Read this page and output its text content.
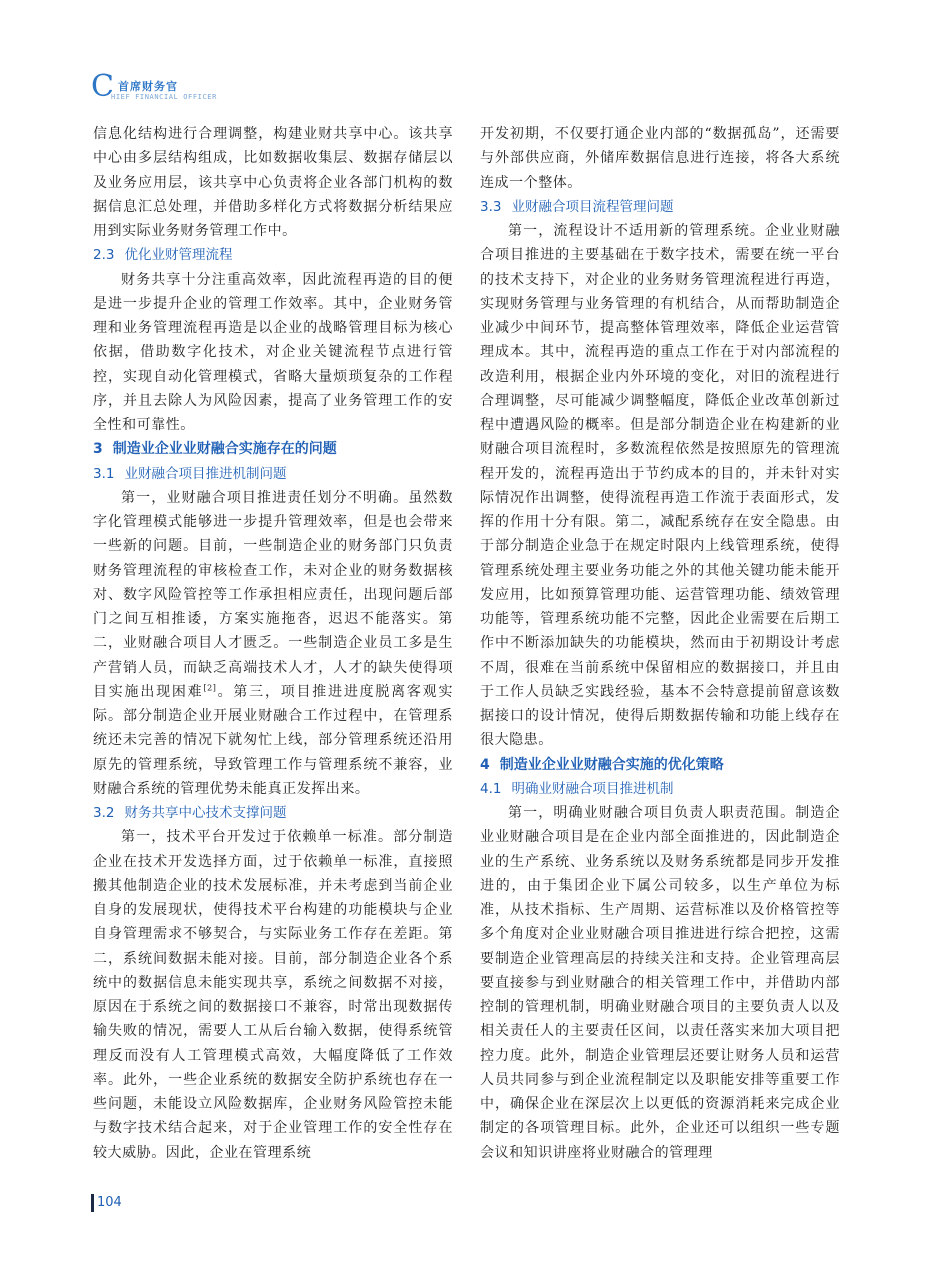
C 首席财务官
HIEF FINANCIAL OFFICER

信息化结构进行合理调整，构建业财共享中心。该共享中心由多层结构组成，比如数据收集层、数据存储层以及业务应用层，该共享中心负责将企业各部门机构的数据信息汇总处理，并借助多样化方式将数据分析结果应用到实际业务财务管理工作中。

2.3 优化业财管理流程

财务共享十分注重高效率，因此流程再造的目的便是进一步提升企业的管理工作效率。其中，企业财务管理和业务管理流程再造是以企业的战略管理目标为核心依据，借助数字化技术，对企业关键流程节点进行管控，实现自动化管理模式，省略大量烦琐复杂的工作程序，并且去除人为风险因素，提高了业务管理工作的安全性和可靠性。

3 制造业企业业财融合实施存在的问题
3.1 业财融合项目推进机制问题

第一，业财融合项目推进责任划分不明确。虽然数字化管理模式能够进一步提升管理效率，但是也会带来一些新的问题。目前，一些制造企业的财务部门只负责财务管理流程的审核检查工作，未对企业的财务数据核对、数字风险管控等工作承担相应责任，出现问题后部门之间互相推诿，方案实施拖沓，迟迟不能落实。第二，业财融合项目人才匮乏。一些制造企业员工多是生产营销人员，而缺乏高端技术人才，人才的缺失使得项目实施出现困难[2]。第三，项目推进进度脱离客观实际。部分制造企业开展业财融合工作过程中，在管理系统还未完善的情况下就匆忙上线，部分管理系统还沿用原先的管理系统，导致管理工作与管理系统不兼容，业财融合系统的管理优势未能真正发挥出来。

3.2 财务共享中心技术支撑问题

第一，技术平台开发过于依赖单一标准。部分制造企业在技术开发选择方面，过于依赖单一标准，直接照搬其他制造企业的技术发展标准，并未考虑到当前企业自身的发展现状，使得技术平台构建的功能模块与企业自身管理需求不够契合，与实际业务工作存在差距。第二，系统间数据未能对接。目前，部分制造企业各个系统中的数据信息未能实现共享，系统之间数据不对接，原因在于系统之间的数据接口不兼容，时常出现数据传输失败的情况，需要人工从后台输入数据，使得系统管理反而没有人工管理模式高效，大幅度降低了工作效率。此外，一些企业系统的数据安全防护系统也存在一些问题，未能设立风险数据库，企业财务风险管控未能与数字技术结合起来，对于企业管理工作的安全性存在较大威胁。因此，企业在管理系统

开发初期，不仅要打通企业内部的“数据孤岛”，还需要与外部供应商，外储库数据信息进行连接，将各大系统连成一个整体。

3.3 业财融合项目流程管理问题

第一，流程设计不适用新的管理系统。企业业财融合项目推进的主要基础在于数字技术，需要在统一平台的技术支持下，对企业的业务财务管理流程进行再造，实现财务管理与业务管理的有机结合，从而帮助制造企业减少中间环节，提高整体管理效率，降低企业运营管理成本。其中，流程再造的重点工作在于对内部流程的改造利用，根据企业内外环境的变化，对旧的流程进行合理调整，尽可能减少调整幅度，降低企业改革创新过程中遭遇风险的概率。但是部分制造企业在构建新的业财融合项目流程时，多数流程依然是按照原先的管理流程开发的，流程再造出于节约成本的目的，并未针对实际情况作出调整，使得流程再造工作流于表面形式，发挥的作用十分有限。第二，减配系统存在安全隐患。由于部分制造企业急于在规定时限内上线管理系统，使得管理系统处理主要业务功能之外的其他关键功能未能开发应用，比如预算管理功能、运营管理功能、绩效管理功能等，管理系统功能不完整，因此企业需要在后期工作中不断添加缺失的功能模块，然而由于初期设计考虑不周，很难在当前系统中保留相应的数据接口，并且由于工作人员缺乏实践经验，基本不会特意提前留意该数据接口的设计情况，使得后期数据传输和功能上线存在很大隐患。

4 制造业企业业财融合实施的优化策略
4.1 明确业财融合项目推进机制

第一，明确业财融合项目负责人职责范围。制造企业业财融合项目是在企业内部全面推进的，因此制造企业的生产系统、业务系统以及财务系统都是同步开发推进的，由于集团企业下属公司较多，以生产单位为标准，从技术指标、生产周期、运营标准以及价格管控等多个角度对企业业财融合项目推进进行综合把控，这需要制造企业管理高层的持续关注和支持。企业管理高层要直接参与到业财融合的相关管理工作中，并借助内部控制的管理机制，明确业财融合项目的主要负责人以及相关责任人的主要责任区间，以责任落实来加大项目把控力度。此外，制造企业管理层还要让财务人员和运营人员共同参与到企业流程制定以及职能安排等重要工作中，确保企业在深层次上以更低的资源消耗来完成企业制定的各项管理目标。此外，企业还可以组织一些专题会议和知识讲座将业财融合的管理理

104
